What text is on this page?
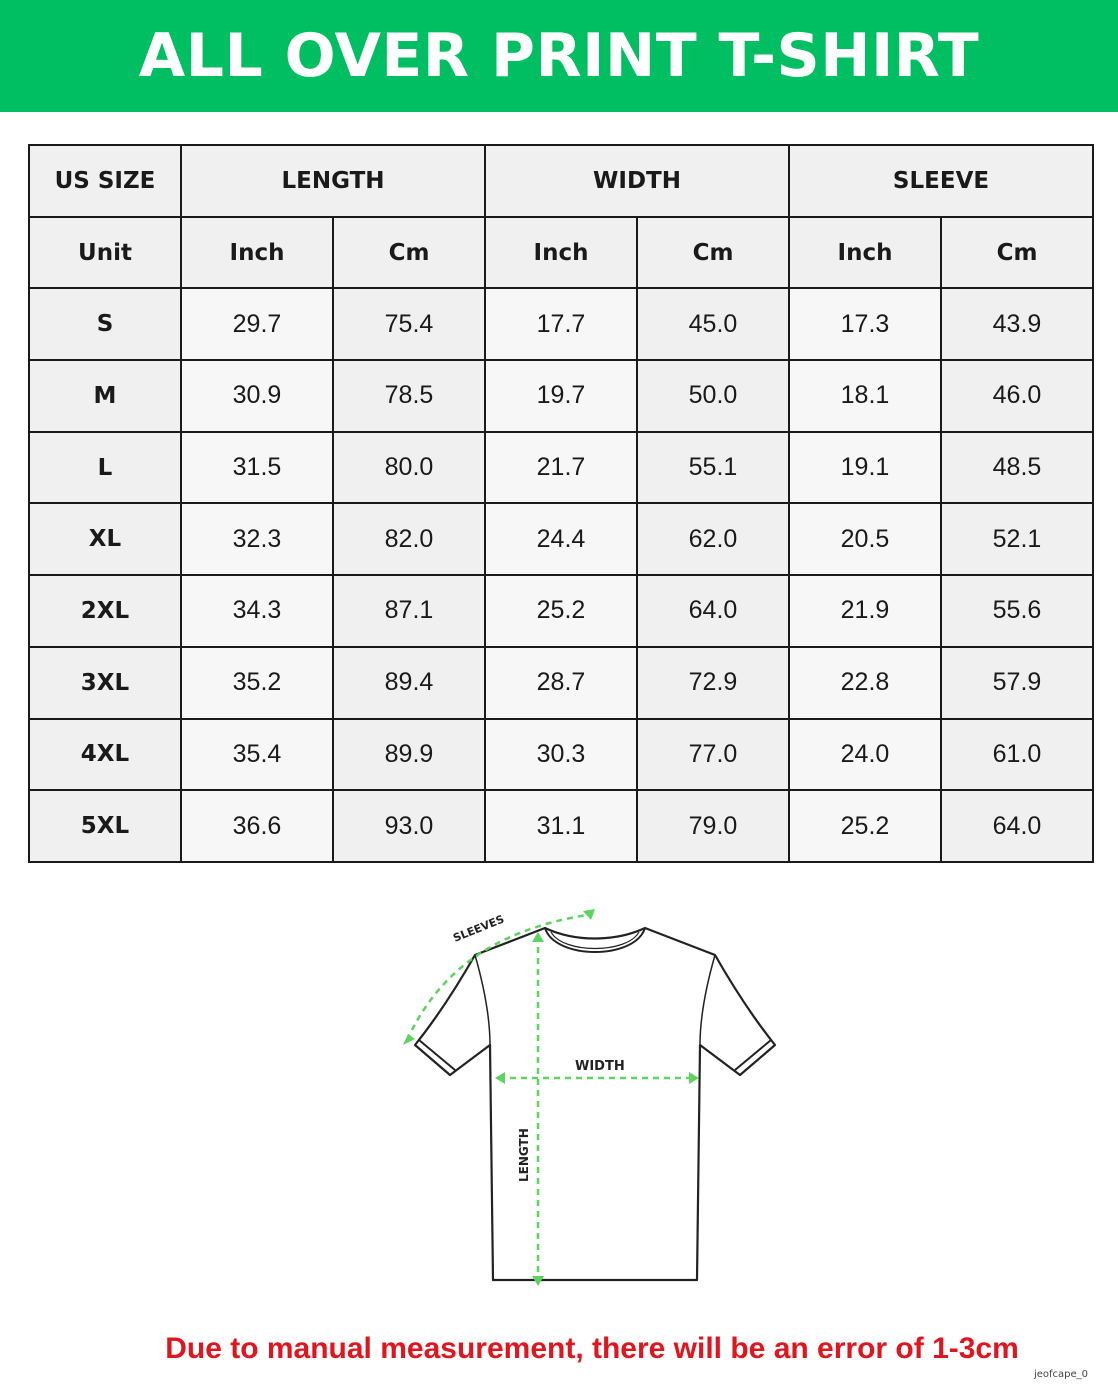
ALL OVER PRINT T-SHIRT
US SIZE	LENGTH		WIDTH		SLEEVE	
Unit	Inch	Cm	Inch	Cm	Inch	Cm
S	29.7	75.4	17.7	45.0	17.3	43.9
M	30.9	78.5	19.7	50.0	18.1	46.0
L	31.5	80.0	21.7	55.1	19.1	48.5
XL	32.3	82.0	24.4	62.0	20.5	52.1
2XL	34.3	87.1	25.2	64.0	21.9	55.6
3XL	35.2	89.4	28.7	72.9	22.8	57.9
4XL	35.4	89.9	30.3	77.0	24.0	61.0
5XL	36.6	93.0	31.1	79.0	25.2	64.0
SLEEVES
WIDTH
LENGTH
Due to manual measurement, there will be an error of 1-3cm
jeofcape_0
